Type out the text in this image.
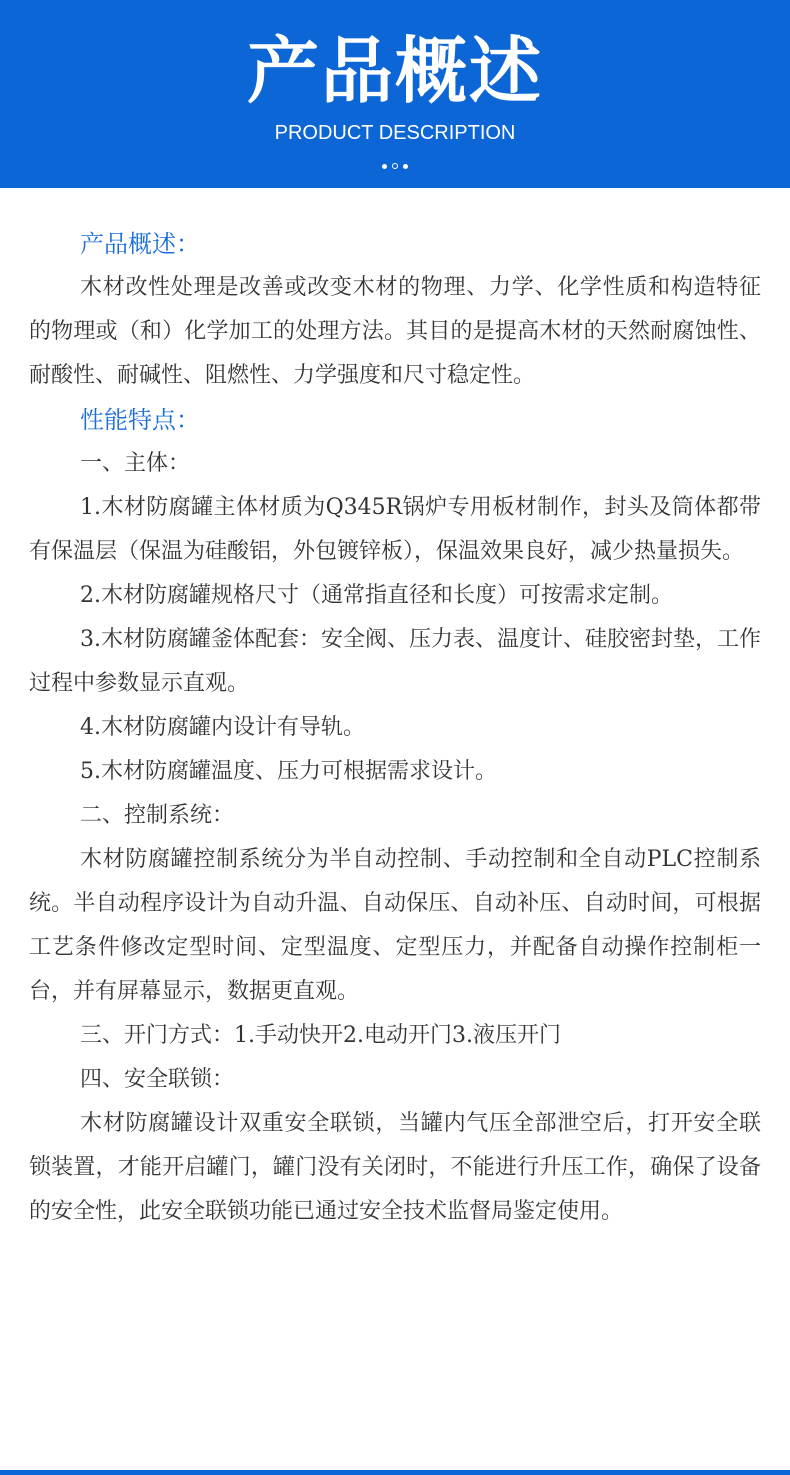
产品概述
PRODUCT DESCRIPTION

产品概述：

木材改性处理是改善或改变木材的物理、力学、化学性质和构造特征的物理或（和）化学加工的处理方法。其目的是提高木材的天然耐腐蚀性、耐酸性、耐碱性、阻燃性、力学强度和尺寸稳定性。

性能特点：

一、主体：

1.木材防腐罐主体材质为Q345R锅炉专用板材制作，封头及筒体都带有保温层（保温为硅酸铝，外包镀锌板），保温效果良好，减少热量损失。

2.木材防腐罐规格尺寸（通常指直径和长度）可按需求定制。

3.木材防腐罐釜体配套：安全阀、压力表、温度计、硅胶密封垫，工作过程中参数显示直观。

4.木材防腐罐内设计有导轨。

5.木材防腐罐温度、压力可根据需求设计。

二、控制系统：

木材防腐罐控制系统分为半自动控制、手动控制和全自动PLC控制系统。半自动程序设计为自动升温、自动保压、自动补压、自动时间，可根据工艺条件修改定型时间、定型温度、定型压力，并配备自动操作控制柜一台，并有屏幕显示，数据更直观。

三、开门方式：1.手动快开2.电动开门3.液压开门

四、安全联锁：

木材防腐罐设计双重安全联锁，当罐内气压全部泄空后，打开安全联锁装置，才能开启罐门，罐门没有关闭时，不能进行升压工作，确保了设备的安全性，此安全联锁功能已通过安全技术监督局鉴定使用。
